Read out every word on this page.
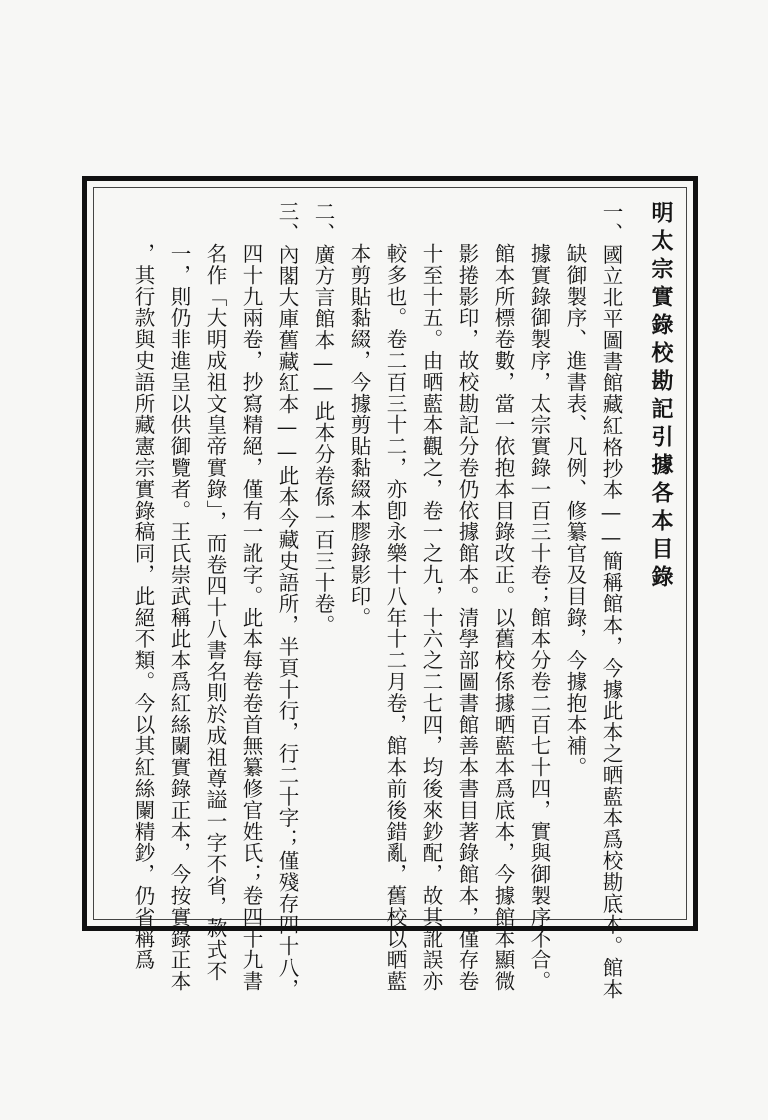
明太宗實錄校勘記引據各本目錄
一、國立北平圖書館藏紅格抄本——簡稱館本，今據此本之晒藍本爲校勘底本。館本
缺御製序、進書表、凡例、修纂官及目錄，今據抱本補。
據實錄御製序，太宗實錄一百三十卷；館本分卷二百七十四，實與御製序不合。
館本所標卷數，當一依抱本目錄改正。以舊校係據晒藍本爲底本，今據館本顯微
影捲影印，故校勘記分卷仍依據館本。清學部圖書館善本書目著錄館本，僅存卷
十至十五。由晒藍本觀之，卷一之九，十六之二七四，均後來鈔配，故其訛誤亦
較多也。卷二百三十二，亦卽永樂十八年十二月卷，館本前後錯亂，舊校以晒藍
本剪貼黏綴，今據剪貼黏綴本膠錄影印。
二、廣方言館本——此本分卷係一百三十卷。
三、內閣大庫舊藏紅本——此本今藏史語所，半頁十行，行二十字；僅殘存四十八，
四十九兩卷，抄寫精絕，僅有一訛字。此本每卷卷首無纂修官姓氏；卷四十九書
名作「大明成祖文皇帝實錄」，而卷四十八書名則於成祖尊謚一字不省，款式不
一，則仍非進呈以供御覽者。王氏崇武稱此本爲紅絲闌實錄正本，今按實錄正本
，其行款與史語所藏憲宗實錄稿同，此絕不類。今以其紅絲闌精鈔，仍省稱爲
